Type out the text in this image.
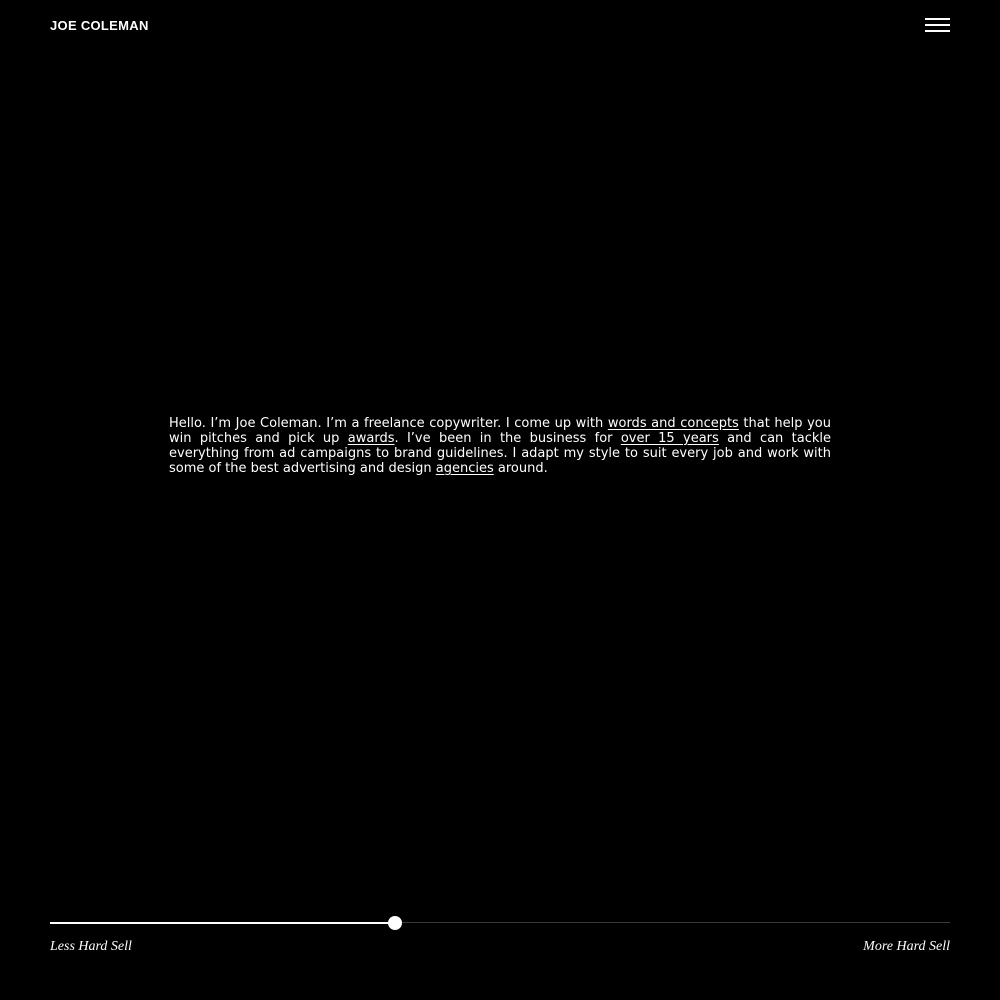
JOE COLEMAN

Hello. I’m Joe Coleman. I’m a freelance copywriter. I come up with words and concepts that help you win pitches and pick up awards. I’ve been in the business for over 15 years and can tackle everything from ad campaigns to brand guidelines. I adapt my style to suit every job and work with some of the best advertising and design agencies around.

Less Hard Sell	More Hard Sell
